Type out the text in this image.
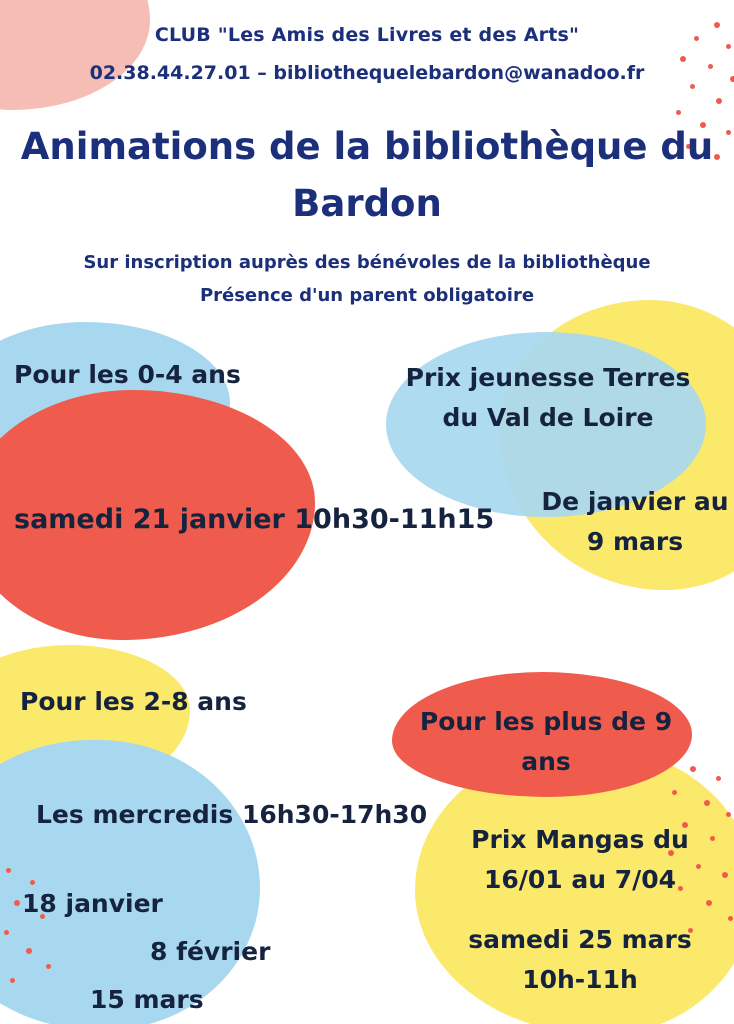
CLUB "Les Amis des Livres et des Arts"
02.38.44.27.01 – bibliothequelebardon@wanadoo.fr
Animations de la bibliothèque du Bardon
Sur inscription auprès des bénévoles de la bibliothèque
Présence d'un parent obligatoire
Pour les 0-4 ans
samedi 21 janvier 10h30-11h15
Prix jeunesse Terres du Val de Loire
De janvier au 9 mars
Pour les 2-8 ans
Les mercredis 16h30-17h30
18 janvier
8 février
15 mars
Pour les plus de 9 ans
Prix Mangas du 16/01 au 7/04
samedi 25 mars 10h-11h
